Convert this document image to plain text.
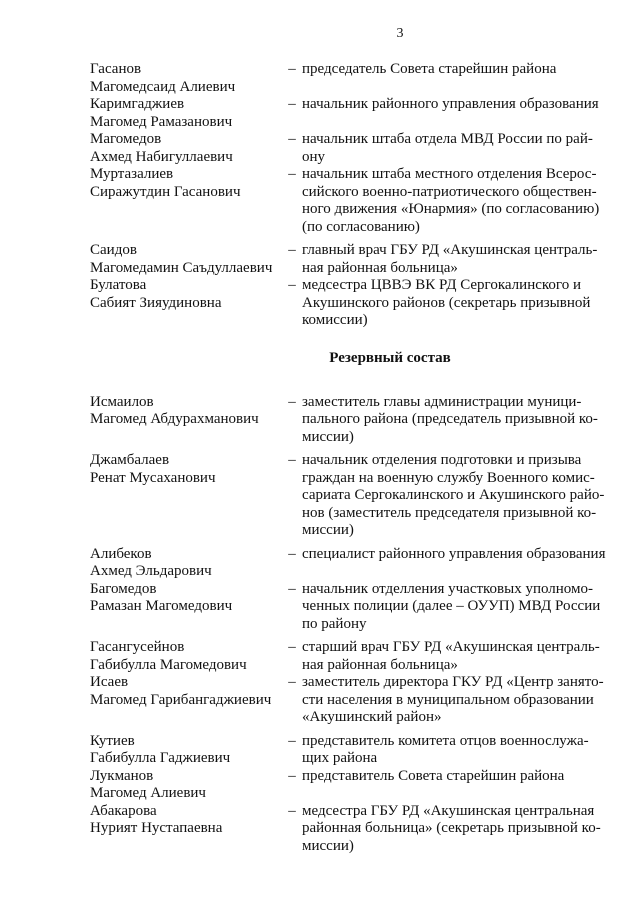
3
Гасанов
Магомедсаид Алиевич
– председатель Совета старейшин района
Каримгаджиев
Магомед Рамазанович
– начальник районного управления образования
Магомедов
Ахмед Набигуллаевич
– начальник штаба отдела МВД России по рай-
ону
Муртазалиев
Сиражутдин Гасанович
– начальник штаба местного отделения Всерос-
сийского военно-патриотического обществен-
ного движения «Юнармия» (по согласованию)
(по согласованию)
Саидов
Магомедамин Саъдуллаевич
– главный врач ГБУ РД «Акушинская централь-
ная районная больница»
Булатова
Сабият Зияудиновна
– медсестра ЦВВЭ ВК РД Сергокалинского и
Акушинского районов (секретарь призывной
комиссии)
Резервный состав
Исмаилов
Магомед Абдурахманович
– заместитель главы администрации муници-
пального района (председатель призывной ко-
миссии)
Джамбалаев
Ренат Мусаханович
– начальник отделения подготовки и призыва
граждан на военную службу Военного комис-
сариата Сергокалинского и Акушинского райо-
нов (заместитель председателя призывной ко-
миссии)
Алибеков
Ахмед Эльдарович
– специалист районного управления образования
Багомедов
Рамазан Магомедович
– начальник отделления участковых уполномо-
ченных полиции (далее – ОУУП) МВД России
по району
Гасангусейнов
Габибулла Магомедович
– старший врач ГБУ РД «Акушинская централь-
ная районная больница»
Исаев
Магомед Гарибангаджиевич
– заместитель директора ГКУ РД «Центр занято-
сти населения в муниципальном образовании
«Акушинский район»
Кутиев
Габибулла Гаджиевич
– представитель комитета отцов военнослужа-
щих района
Лукманов
Магомед Алиевич
– представитель Совета старейшин района
Абакарова
Нурият Нустапаевна
– медсестра ГБУ РД «Акушинская центральная
районная больница» (секретарь призывной ко-
миссии)
